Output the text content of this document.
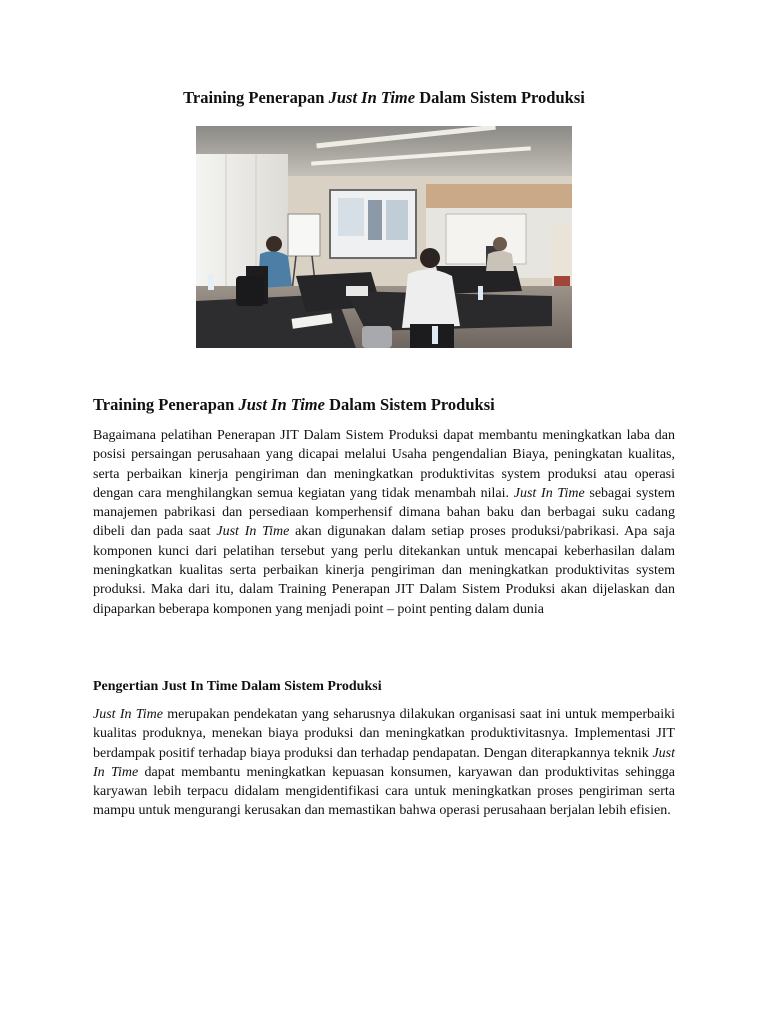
Training Penerapan Just In Time Dalam Sistem Produksi
Training Penerapan Just In Time Dalam Sistem Produksi
Bagaimana pelatihan Penerapan JIT Dalam Sistem Produksi dapat membantu meningkatkan laba dan posisi persaingan perusahaan yang dicapai melalui Usaha pengendalian Biaya, peningkatan kualitas, serta perbaikan kinerja pengiriman dan meningkatkan produktivitas system produksi atau operasi dengan cara menghilangkan semua kegiatan yang tidak menambah nilai. Just In Time sebagai system manajemen pabrikasi dan persediaan komperhensif dimana bahan baku dan berbagai suku cadang dibeli dan pada saat Just In Time akan digunakan dalam setiap proses produksi/pabrikasi. Apa saja komponen kunci dari pelatihan tersebut yang perlu ditekankan untuk mencapai keberhasilan dalam meningkatkan kualitas serta perbaikan kinerja pengiriman dan meningkatkan produktivitas system produksi. Maka dari itu, dalam Training Penerapan JIT Dalam Sistem Produksi akan dijelaskan dan dipaparkan beberapa komponen yang menjadi point – point penting dalam dunia
Pengertian Just In Time Dalam Sistem Produksi
Just In Time merupakan pendekatan yang seharusnya dilakukan organisasi saat ini untuk memperbaiki kualitas produknya, menekan biaya produksi dan meningkatkan produktivitasnya. Implementasi JIT berdampak positif terhadap biaya produksi dan terhadap pendapatan. Dengan diterapkannya teknik Just In Time dapat membantu meningkatkan kepuasan konsumen, karyawan dan produktivitas sehingga karyawan lebih terpacu didalam mengidentifikasi cara untuk meningkatkan proses pengiriman serta mampu untuk mengurangi kerusakan dan memastikan bahwa operasi perusahaan berjalan lebih efisien.
